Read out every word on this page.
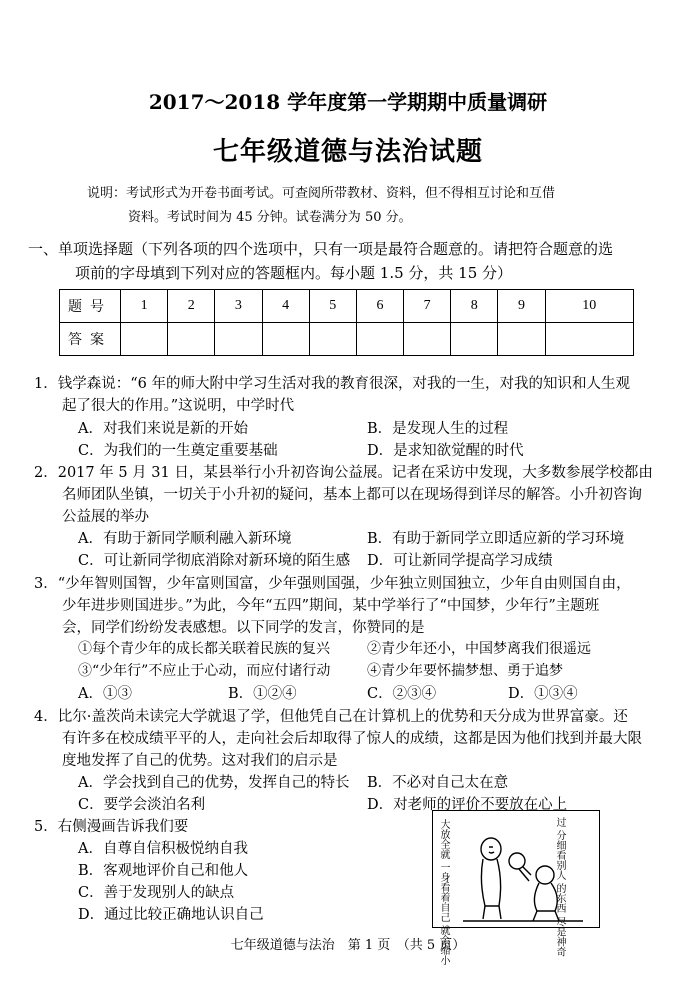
2017～2018 学年度第一学期期中质量调研
七年级道德与法治试题
说明：考试形式为开卷书面考试。可查阅所带教材、资料，但不得相互讨论和互借
资料。考试时间为 45 分钟。试卷满分为 50 分。
一、单项选择题（下列各项的四个选项中，只有一项是最符合题意的。请把符合题意的选
项前的字母填到下列对应的答题框内。每小题 1.5 分，共 15 分）
题号	1	2	3	4	5	6	7	8	9	10
答案										
1．钱学森说：“6 年的师大附中学习生活对我的教育很深，对我的一生，对我的知识和人生观
起了很大的作用。”这说明，中学时代
A．对我们来说是新的开始	B．是发现人生的过程
C．为我们的一生奠定重要基础	D．是求知欲觉醒的时代
2．2017 年 5 月 31 日，某县举行小升初咨询公益展。记者在采访中发现，大多数参展学校都由
名师团队坐镇，一切关于小升初的疑问，基本上都可以在现场得到详尽的解答。小升初咨询
公益展的举办
A．有助于新同学顺利融入新环境	B．有助于新同学立即适应新的学习环境
C．可让新同学彻底消除对新环境的陌生感 D．可让新同学提高学习成绩
3．“少年智则国智，少年富则国富，少年强则国强，少年独立则国独立，少年自由则国自由，
少年进步则国进步。”为此，今年“五四”期间，某中学举行了“中国梦，少年行”主题班
会，同学们纷纷发表感想。以下同学的发言，你赞同的是
①每个青少年的成长都关联着民族的复兴	②青少年还小，中国梦离我们很遥远
③“少年行”不应止于心动，而应付诸行动	④青少年要怀揣梦想、勇于追梦
A．①③	B．①②④	C．②③④	D．①③④
4．比尔·盖茨尚未读完大学就退了学，但他凭自己在计算机上的优势和天分成为世界富豪。还
有许多在校成绩平平的人，走向社会后却取得了惊人的成绩，这都是因为他们找到并最大限
度地发挥了自己的优势。这对我们的启示是
A．学会找到自己的优势，发挥自己的特长 B．不必对自己太在意
C．要学会淡泊名利	D．对老师的评价不要放在心上
5．右侧漫画告诉我们要
A．自尊自信积极悦纳自我
B．客观地评价自己和他人
C．善于发现别人的缺点
D．通过比较正确地认识自己	大放全就 一身看着自己 就会缩小	过 分细看别人 的东西 尽是神奇
七年级道德与法治　第 1 页　（共 5 页）
